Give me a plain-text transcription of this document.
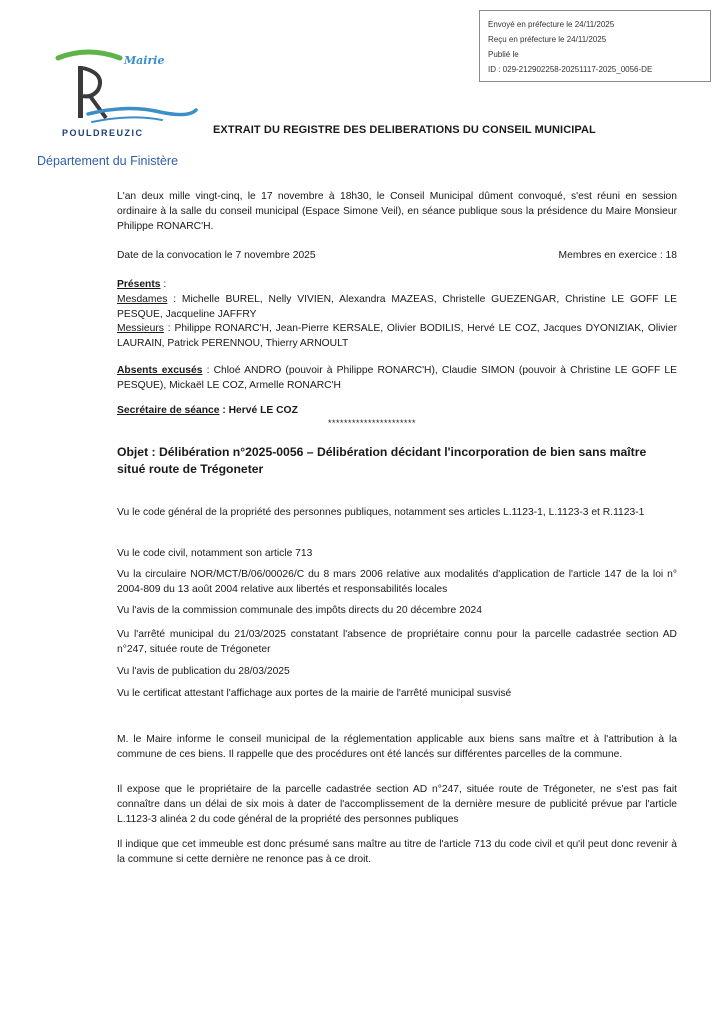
Envoyé en préfecture le 24/11/2025
Reçu en préfecture le 24/11/2025
Publié le
ID : 029-212902258-20251117-2025_0056-DE
Mairie
POULDREUZIC
Département du Finistère
EXTRAIT DU REGISTRE DES DELIBERATIONS DU CONSEIL MUNICIPAL
L'an deux mille vingt-cinq, le 17 novembre à 18h30, le Conseil Municipal dûment convoqué, s'est réuni en session ordinaire à la salle du conseil municipal (Espace Simone Veil), en séance publique sous la présidence du Maire Monsieur Philippe RONARC'H.
Date de la convocation le 7 novembre 2025	Membres en exercice : 18
Présents :
Mesdames : Michelle BUREL, Nelly VIVIEN, Alexandra MAZEAS, Christelle GUEZENGAR, Christine LE GOFF LE PESQUE, Jacqueline JAFFRY
Messieurs : Philippe RONARC'H, Jean-Pierre KERSALE, Olivier BODILIS, Hervé LE COZ, Jacques DYONIZIAK, Olivier LAURAIN, Patrick PERENNOU, Thierry ARNOULT
Absents excusés : Chloé ANDRO (pouvoir à Philippe RONARC'H), Claudie SIMON (pouvoir à Christine LE GOFF LE PESQUE), Mickaël LE COZ, Armelle RONARC'H
Secrétaire de séance : Hervé LE COZ
**********************
Objet : Délibération n°2025-0056 – Délibération décidant l'incorporation de bien sans maître situé route de Trégoneter
Vu le code général de la propriété des personnes publiques, notamment ses articles L.1123-1, L.1123-3 et R.1123-1
Vu le code civil, notamment son article 713
Vu la circulaire NOR/MCT/B/06/00026/C du 8 mars 2006 relative aux modalités d'application de l'article 147 de la loi n° 2004-809 du 13 août 2004 relative aux libertés et responsabilités locales
Vu l'avis de la commission communale des impôts directs du 20 décembre 2024
Vu l'arrêté municipal du 21/03/2025 constatant l'absence de propriétaire connu pour la parcelle cadastrée section AD n°247, située route de Trégoneter
Vu l'avis de publication du 28/03/2025
Vu le certificat attestant l'affichage aux portes de la mairie de l'arrêté municipal susvisé
M. le Maire informe le conseil municipal de la réglementation applicable aux biens sans maître et à l'attribution à la commune de ces biens. Il rappelle que des procédures ont été lancés sur différentes parcelles de la commune.
Il expose que le propriétaire de la parcelle cadastrée section AD n°247, située route de Trégoneter, ne s'est pas fait connaître dans un délai de six mois à dater de l'accomplissement de la dernière mesure de publicité prévue par l'article L.1123-3 alinéa 2 du code général de la propriété des personnes publiques
Il indique que cet immeuble est donc présumé sans maître au titre de l'article 713 du code civil et qu'il peut donc revenir à la commune si cette dernière ne renonce pas à ce droit.
